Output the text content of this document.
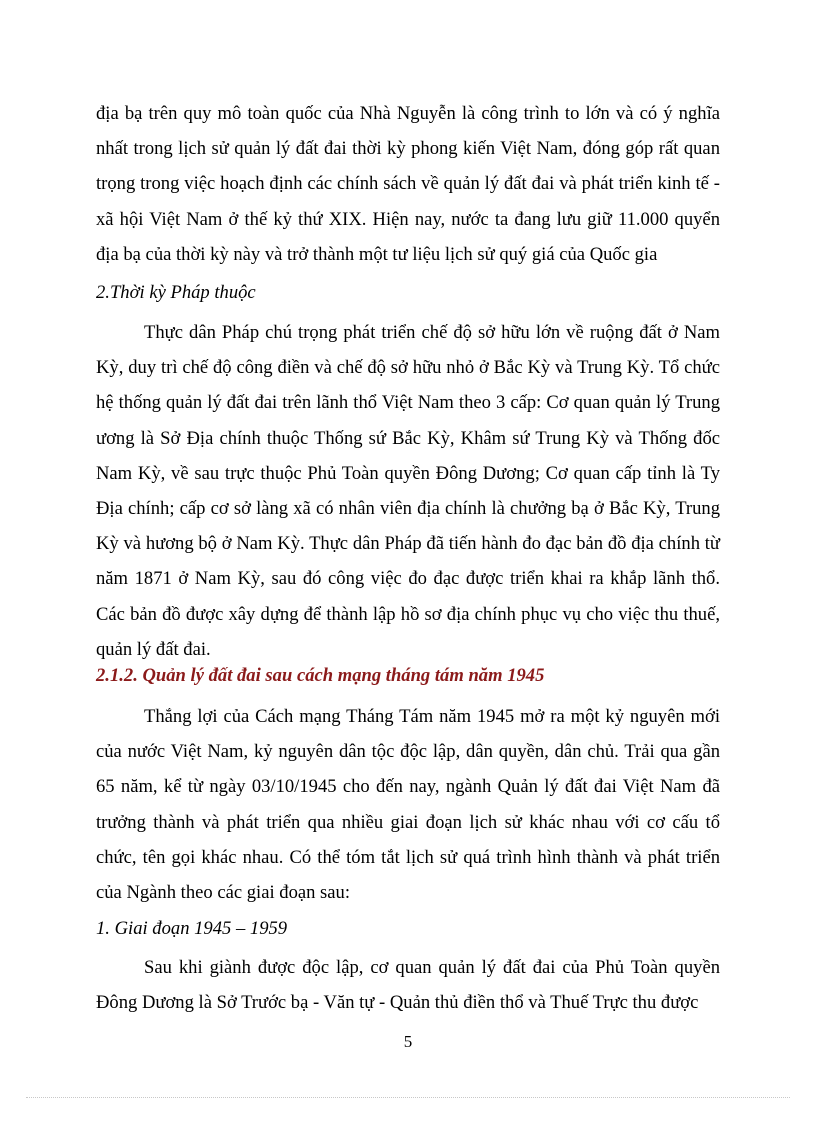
địa bạ trên quy mô toàn quốc của Nhà Nguyễn là công trình to lớn và có ý nghĩa nhất trong lịch sử quản lý đất đai thời kỳ phong kiến Việt Nam, đóng góp rất quan trọng trong việc hoạch định các chính sách về quản lý đất đai và phát triển kinh tế - xã hội Việt Nam ở thế kỷ thứ XIX. Hiện nay, nước ta đang lưu giữ 11.000 quyển địa bạ của thời kỳ này và trở thành một tư liệu lịch sử quý giá của Quốc gia

2.Thời kỳ Pháp thuộc

Thực dân Pháp chú trọng phát triển chế độ sở hữu lớn về ruộng đất ở Nam Kỳ, duy trì chế độ công điền và chế độ sở hữu nhỏ ở Bắc Kỳ và Trung Kỳ. Tổ chức hệ thống quản lý đất đai trên lãnh thổ Việt Nam theo 3 cấp: Cơ quan quản lý Trung ương là Sở Địa chính thuộc Thống sứ Bắc Kỳ, Khâm sứ Trung Kỳ và Thống đốc Nam Kỳ, về sau trực thuộc Phủ Toàn quyền Đông Dương; Cơ quan cấp tỉnh là Ty Địa chính; cấp cơ sở làng xã có nhân viên địa chính là chưởng bạ ở Bắc Kỳ, Trung Kỳ và hương bộ ở Nam Kỳ. Thực dân Pháp đã tiến hành đo đạc bản đồ địa chính từ năm 1871 ở Nam Kỳ, sau đó công việc đo đạc được triển khai ra khắp lãnh thổ. Các bản đồ được xây dựng để thành lập hồ sơ địa chính phục vụ cho việc thu thuế, quản lý đất đai.

2.1.2. Quản lý đất đai sau cách mạng tháng tám năm 1945

Thắng lợi của Cách mạng Tháng Tám năm 1945 mở ra một kỷ nguyên mới của nước Việt Nam, kỷ nguyên dân tộc độc lập, dân quyền, dân chủ. Trải qua gần 65 năm, kể từ ngày 03/10/1945 cho đến nay, ngành Quản lý đất đai Việt Nam đã trưởng thành và phát triển qua nhiều giai đoạn lịch sử khác nhau với cơ cấu tổ chức, tên gọi khác nhau. Có thể tóm tắt lịch sử quá trình hình thành và phát triển của Ngành theo các giai đoạn sau:

1. Giai đoạn 1945 – 1959

Sau khi giành được độc lập, cơ quan quản lý đất đai của Phủ Toàn quyền Đông Dương là Sở Trước bạ - Văn tự - Quản thủ điền thổ và Thuế Trực thu được

5
